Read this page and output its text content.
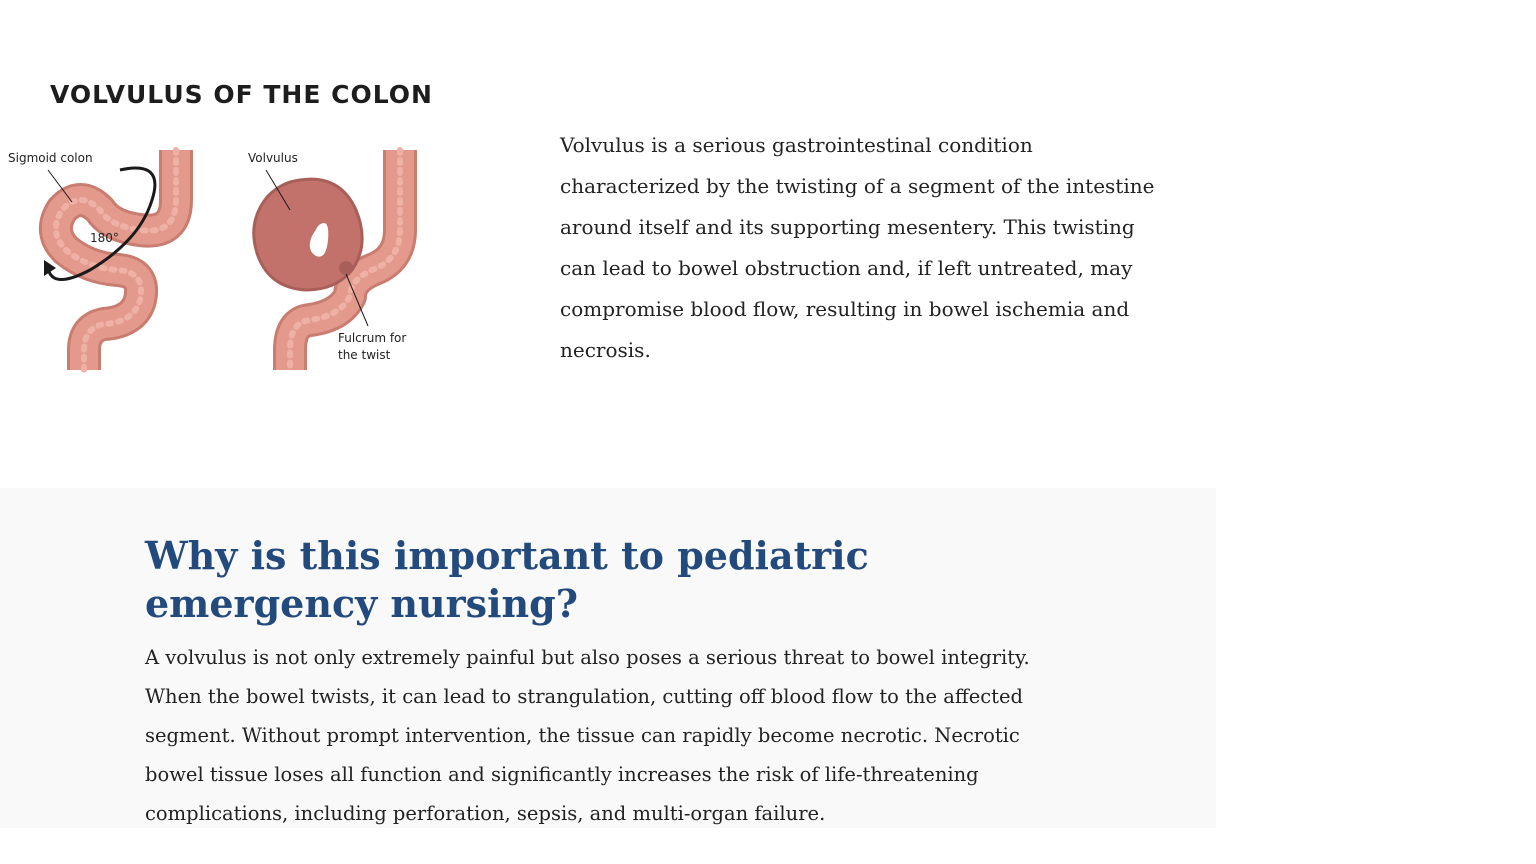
VOLVULUS OF THE COLON
Sigmoid colon
180°
Volvulus
Fulcrum for
the twist

Volvulus is a serious gastrointestinal condition characterized by the twisting of a segment of the intestine around itself and its supporting mesentery. This twisting can lead to bowel obstruction and, if left untreated, may compromise blood flow, resulting in bowel ischemia and necrosis.

Why is this important to pediatric emergency nursing?

A volvulus is not only extremely painful but also poses a serious threat to bowel integrity. When the bowel twists, it can lead to strangulation, cutting off blood flow to the affected segment. Without prompt intervention, the tissue can rapidly become necrotic. Necrotic bowel tissue loses all function and significantly increases the risk of life-threatening complications, including perforation, sepsis, and multi-organ failure.
